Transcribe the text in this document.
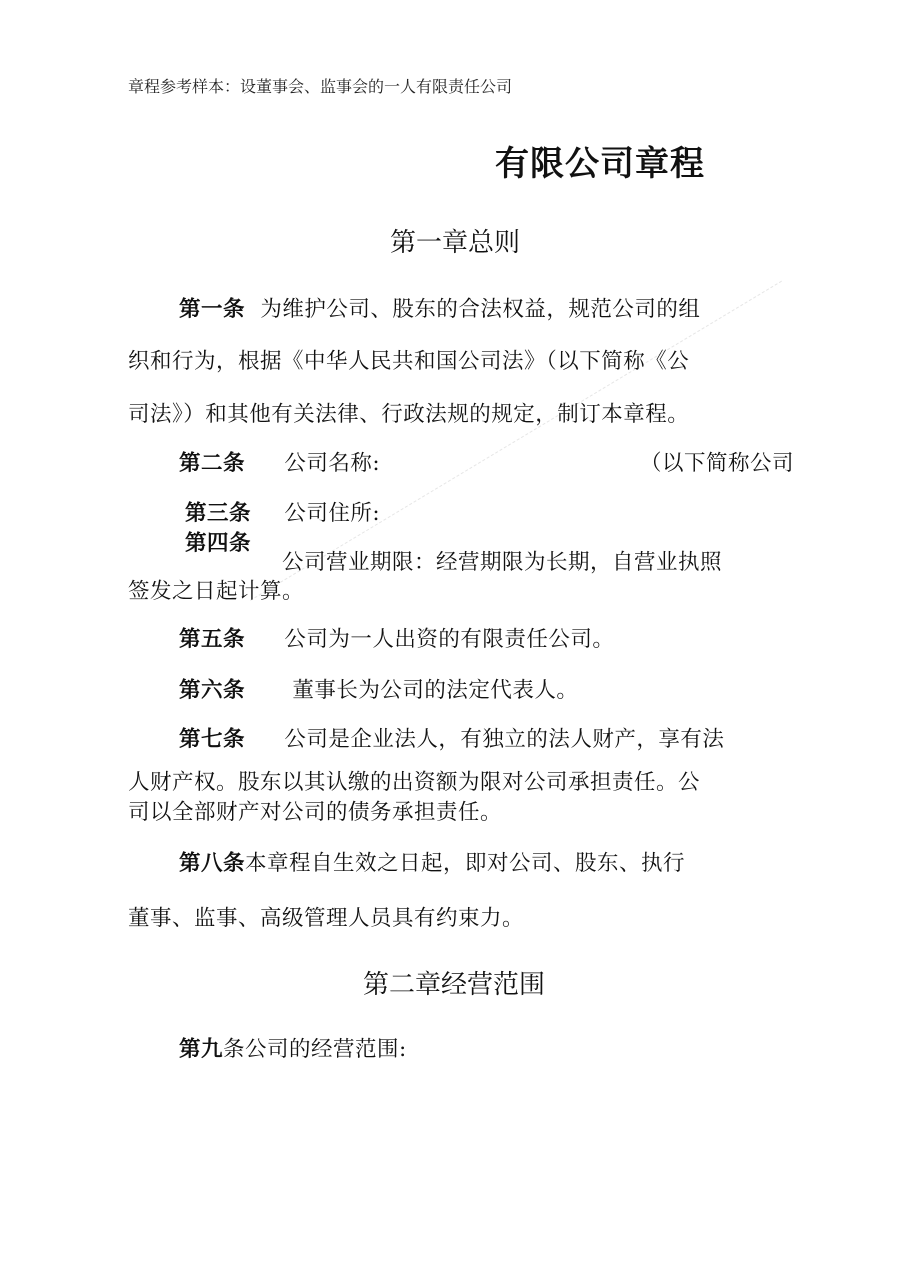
章程参考样本：设董事会、监事会的一人有限责任公司
有限公司章程
第一章总则
第一条 为维护公司、股东的合法权益，规范公司的组
织和行为，根据《中华人民共和国公司法》（以下简称《公
司法》）和其他有关法律、行政法规的规定，制订本章程。
第二条 公司名称:	（以下简称公司
第三条 公司住所:
第四条
公司营业期限：经营期限为长期，自营业执照
签发之日起计算。
第五条 公司为一人出资的有限责任公司。
第六条 董事长为公司的法定代表人。
第七条 公司是企业法人，有独立的法人财产，享有法
人财产权。股东以其认缴的出资额为限对公司承担责任。公
司以全部财产对公司的债务承担责任。
第八条本章程自生效之日起，即对公司、股东、执行
董事、监事、高级管理人员具有约束力。
第二章经营范围
第九条公司的经营范围:
